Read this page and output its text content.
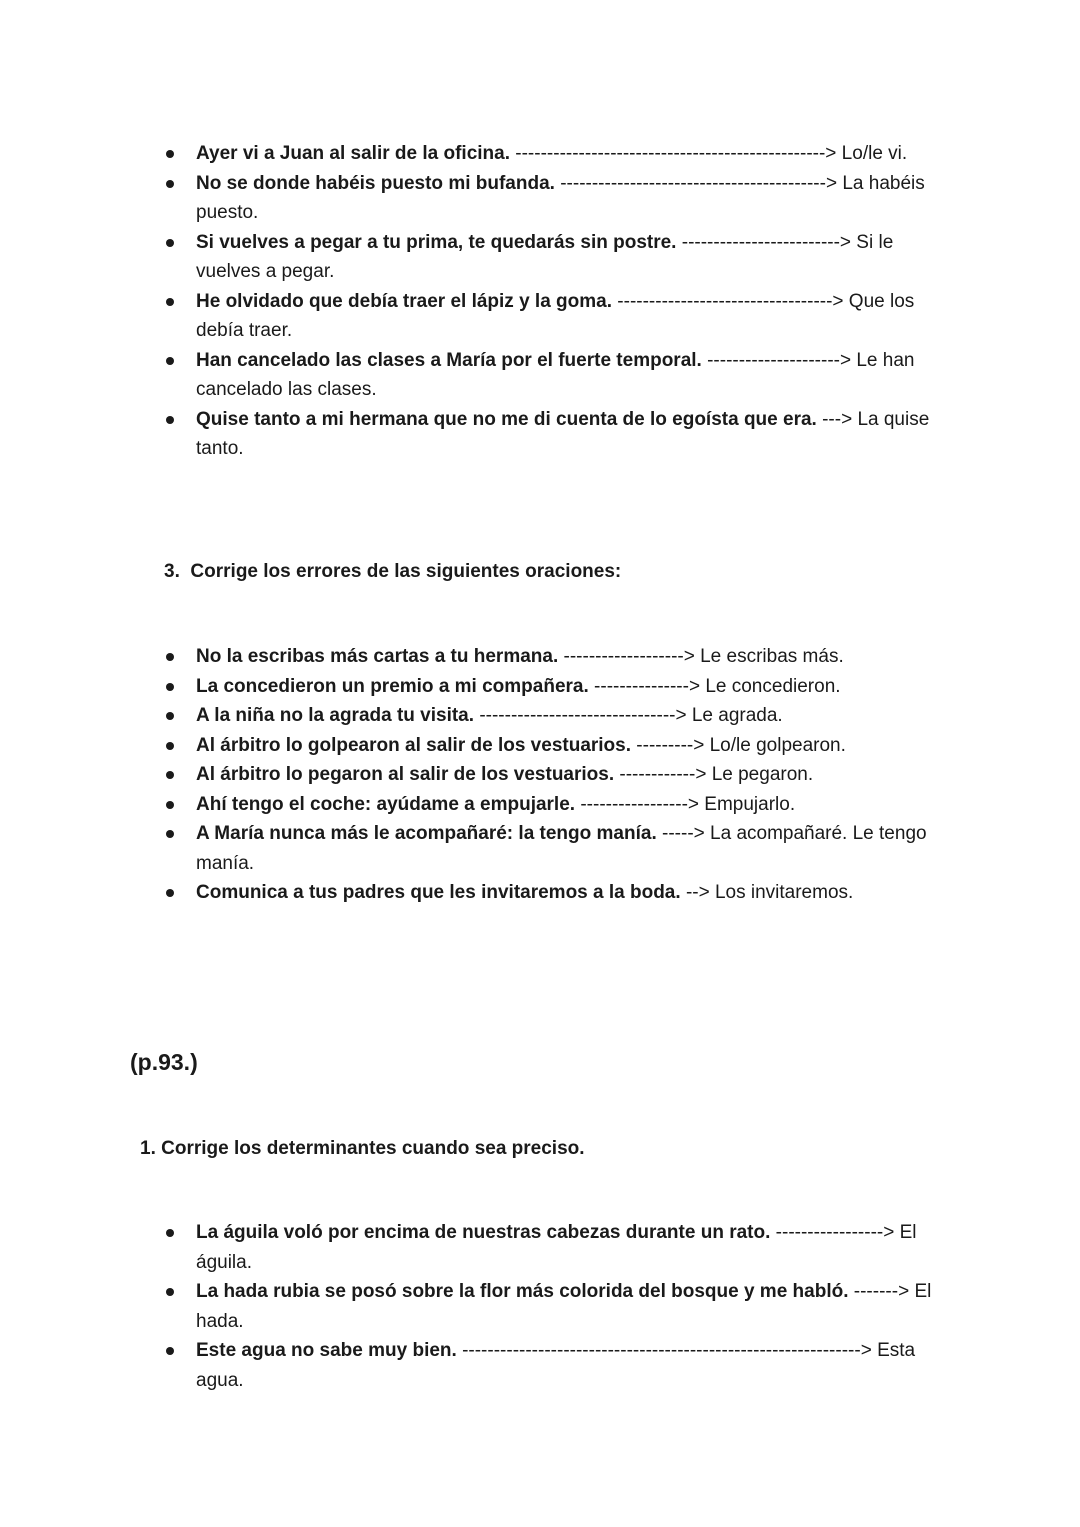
Ayer vi a Juan al salir de la oficina. -------------------------------------------------> Lo/le vi.
No se donde habéis puesto mi bufanda. ------------------------------------------> La habéis puesto.
Si vuelves a pegar a tu prima, te quedarás sin postre. -------------------------> Si le vuelves a pegar.
He olvidado que debía traer el lápiz y la goma. ----------------------------------> Que los debía traer.
Han cancelado las clases a María por el fuerte temporal. ---------------------> Le han cancelado las clases.
Quise tanto a mi hermana que no me di cuenta de lo egoísta que era. ---> La quise tanto.
3. Corrige los errores de las siguientes oraciones:
No la escribas más cartas a tu hermana. -------------------> Le escribas más.
La concedieron un premio a mi compañera. ---------------> Le concedieron.
A la niña no la agrada tu visita. -------------------------------> Le agrada.
Al árbitro lo golpearon al salir de los vestuarios. ---------> Lo/le golpearon.
Al árbitro lo pegaron al salir de los vestuarios. ------------> Le pegaron.
Ahí tengo el coche: ayúdame a empujarle. -----------------> Empujarlo.
A María nunca más le acompañaré: la tengo manía. -----> La acompañaré. Le tengo manía.
Comunica a tus padres que les invitaremos a la boda. --> Los invitaremos.
(p.93.)
1. Corrige los determinantes cuando sea preciso.
La águila voló por encima de nuestras cabezas durante un rato. -----------------> El águila.
La hada rubia se posó sobre la flor más colorida del bosque y me habló. -------> El hada.
Este agua no sabe muy bien. ---------------------------------------------------------------> Esta agua.
